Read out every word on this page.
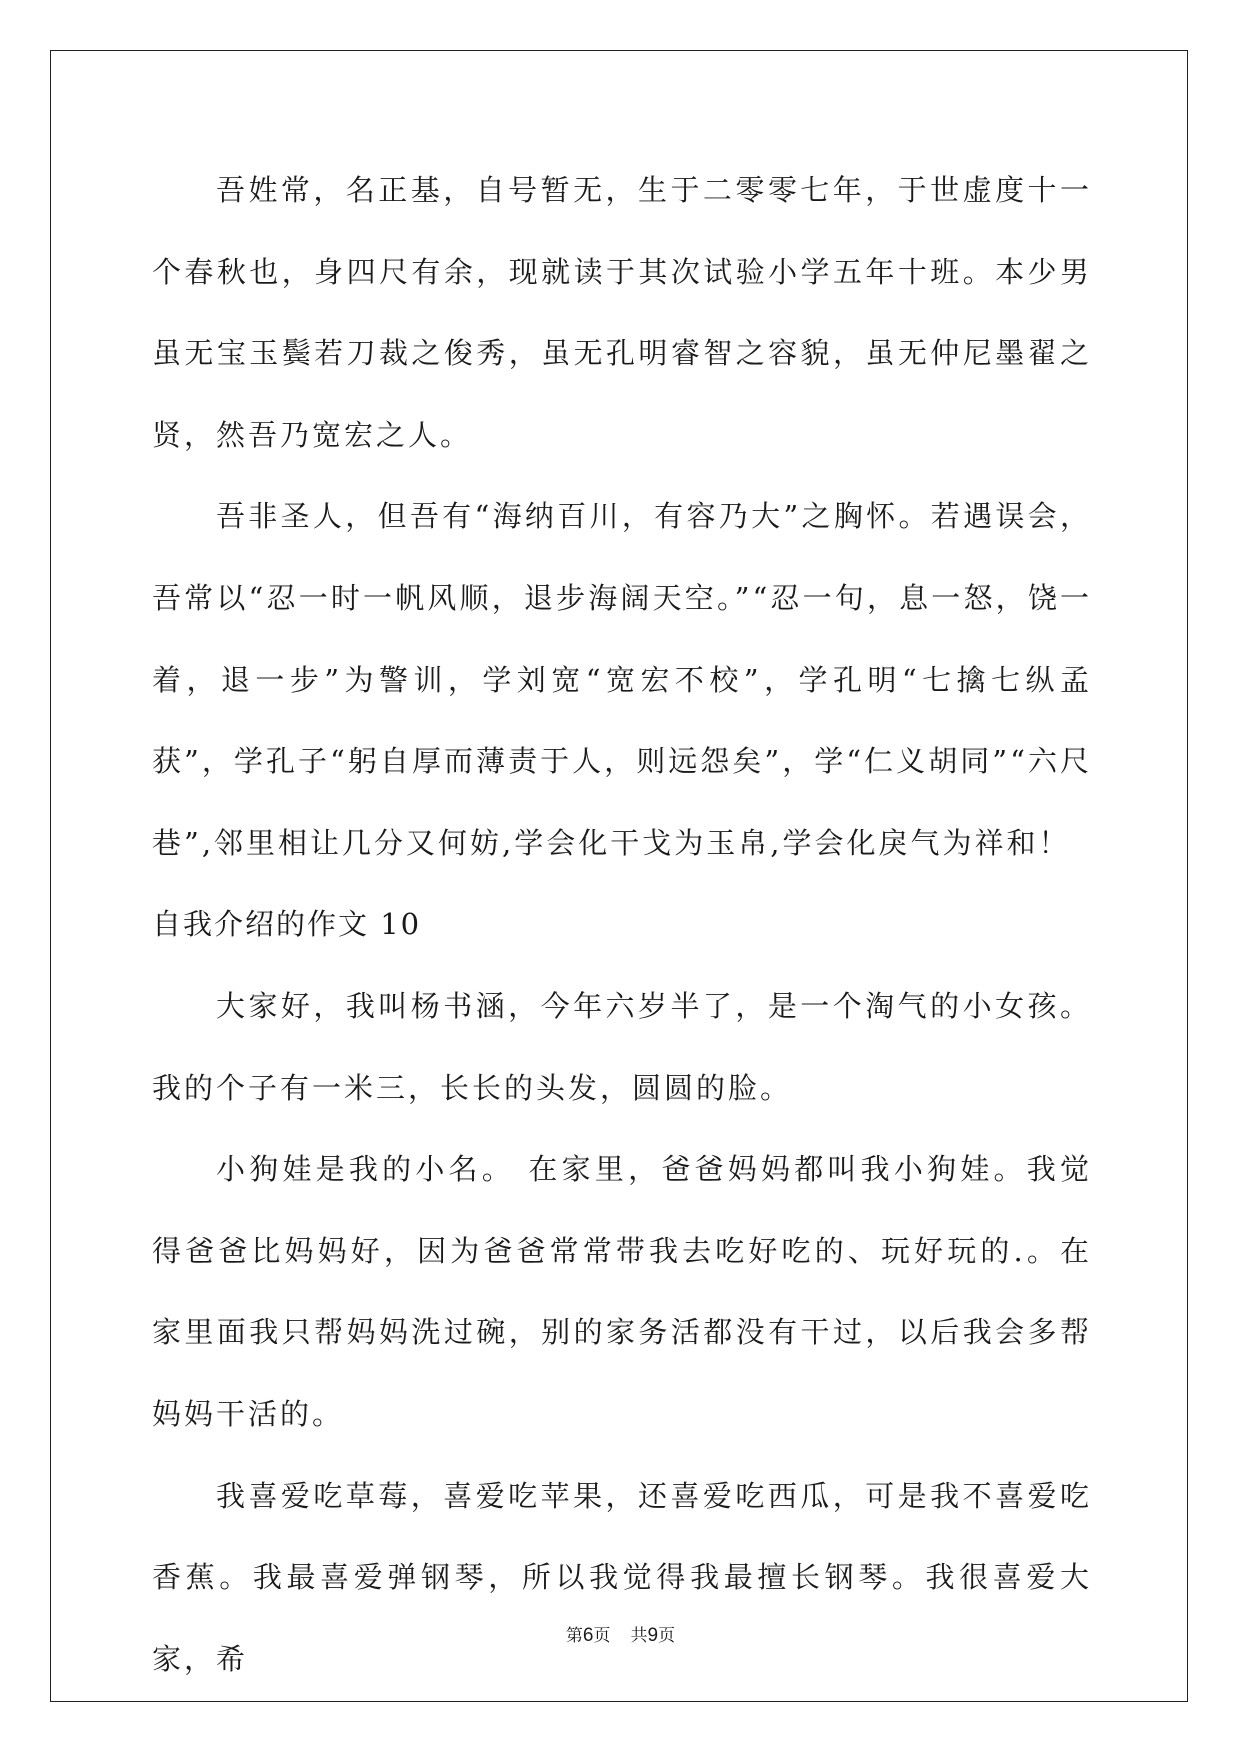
吾姓常，名正基，自号暂无，生于二零零七年，于世虚度十一个春秋也，身四尺有余，现就读于其次试验小学五年十班。本少男虽无宝玉鬓若刀裁之俊秀，虽无孔明睿智之容貌，虽无仲尼墨翟之贤，然吾乃宽宏之人。

吾非圣人，但吾有“海纳百川，有容乃大”之胸怀。若遇误会，吾常以“忍一时一帆风顺，退步海阔天空。”“忍一句，息一怒，饶一着，退一步”为警训，学刘宽“宽宏不校”，学孔明“七擒七纵孟获”，学孔子“躬自厚而薄责于人，则远怨矣”，学“仁义胡同”“六尺巷”,邻里相让几分又何妨,学会化干戈为玉帛,学会化戾气为祥和！

自我介绍的作文 10

大家好，我叫杨书涵，今年六岁半了，是一个淘气的小女孩。我的个子有一米三，长长的头发，圆圆的脸。

小狗娃是我的小名。 在家里，爸爸妈妈都叫我小狗娃。我觉得爸爸比妈妈好，因为爸爸常常带我去吃好吃的、玩好玩的.。在家里面我只帮妈妈洗过碗，别的家务活都没有干过，以后我会多帮妈妈干活的。

我喜爱吃草莓，喜爱吃苹果，还喜爱吃西瓜，可是我不喜爱吃香蕉。我最喜爱弹钢琴，所以我觉得我最擅长钢琴。我很喜爱大家，希

第6页 共9页
